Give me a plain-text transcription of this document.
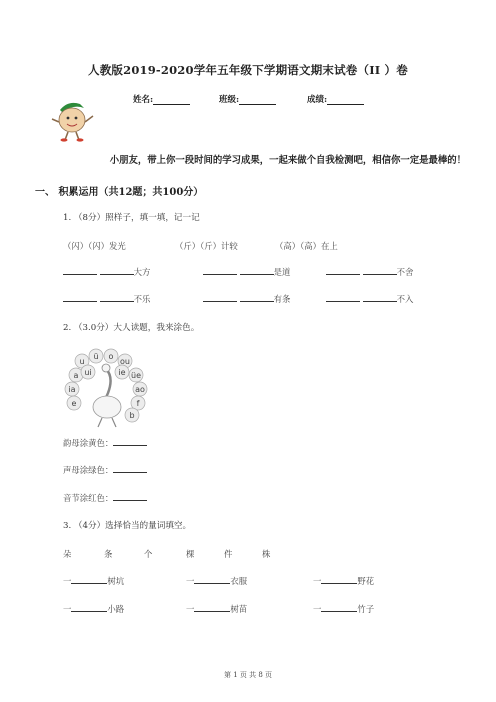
人教版2019-2020学年五年级下学期语文期末试卷（II ）卷
姓名:	班级:	成绩:
小朋友，带上你一段时间的学习成果，一起来做个自我检测吧，相信你一定是最棒的！
一、 积累运用（共12题；共100分）
1. （8分）照样子，填一填，记一记
（闪）（闪）发光	（斤）（斤）计较	（高）（高）在上
大方	是道	不舍
不乐	有条	不入
2. （3.0分）大人读题，我来涂色。
u
ü
ou
ui	ie
a	üe
ia
o
ao
f
e
b
韵母涂黄色：
声母涂绿色：
音节涂红色：
3. （4分）选择恰当的量词填空。
朵	条	个	棵	件	株
一	树坑	一	衣服	一	野花
一	小路	一	树苗	一	竹子
第 1 页 共 8 页
